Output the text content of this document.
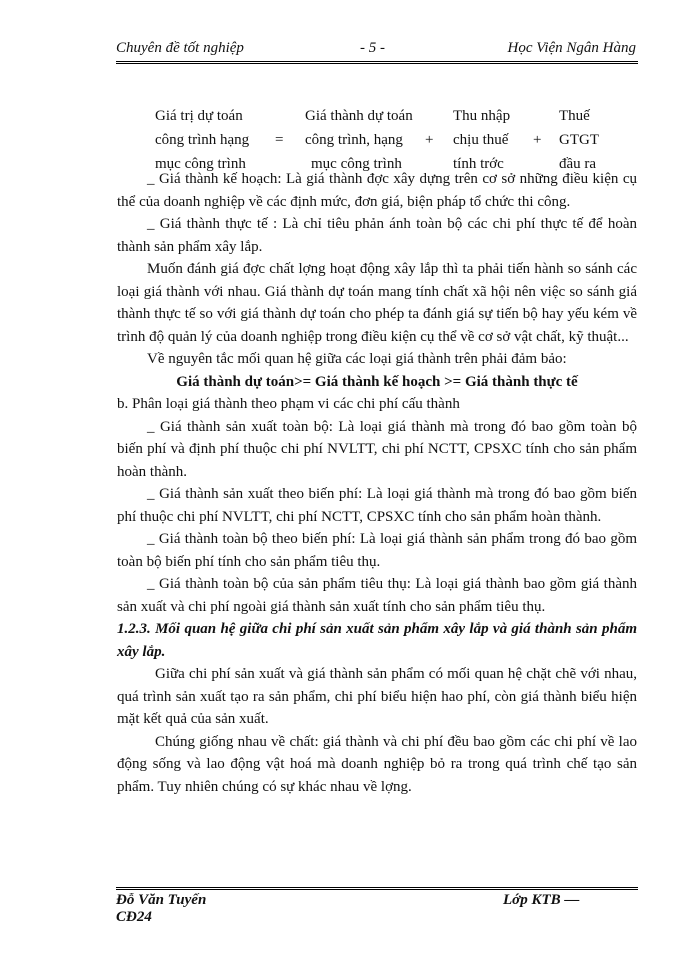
Chuyên đề tốt nghiệp	- 5 -	Học Viện Ngân Hàng
Giá trị dự toán
công trình hạng
mục công trình
=
Giá thành dự toán
công trình, hạng
mục công trình
+
Thu nhập
chịu thuế
tính trớc
+
Thuế
GTGT
đầu ra

_ Giá thành kế hoạch: Là giá thành đợc xây dựng trên cơ sở những điều kiện cụ thể của doanh nghiệp về các định mức, đơn giá, biện pháp tổ chức thi công.

_ Giá thành thực tế : Là chỉ tiêu phản ánh toàn bộ các chi phí thực tế để hoàn thành sản phẩm xây lắp.

Muốn đánh giá đợc chất lợng hoạt động xây lắp thì ta phải tiến hành so sánh các loại giá thành với nhau. Giá thành dự toán mang tính chất xã hội nên việc so sánh giá thành thực tế so với giá thành dự toán cho phép ta đánh giá sự tiến bộ hay yếu kém về trình độ quản lý của doanh nghiệp trong điều kiện cụ thể về cơ sở vật chất, kỹ thuật...

Về nguyên tắc mối quan hệ giữa các loại giá thành trên phải đảm bảo:

Giá thành dự toán>= Giá thành kế hoạch >= Giá thành thực tế

b. Phân loại giá thành theo phạm vi các chi phí cấu thành

_ Giá thành sản xuất toàn bộ: Là loại giá thành mà trong đó bao gồm toàn bộ biến phí và định phí thuộc chi phí NVLTT, chi phí NCTT, CPSXC tính cho sản phẩm hoàn thành.

_ Giá thành sản xuất theo biến phí: Là loại giá thành mà trong đó bao gồm biến phí thuộc chi phí NVLTT, chi phí NCTT, CPSXC tính cho sản phẩm hoàn thành.

_ Giá thành toàn bộ theo biến phí: Là loại giá thành sản phẩm trong đó bao gồm toàn bộ biến phí tính cho sản phẩm tiêu thụ.

_ Giá thành toàn bộ của sản phẩm tiêu thụ: Là loại giá thành bao gồm giá thành sản xuất và chi phí ngoài giá thành sản xuất tính cho sản phẩm tiêu thụ.

1.2.3. Mối quan hệ giữa chi phí sản xuất sản phẩm xây lắp và giá thành sản phẩm xây lắp.

Giữa chi phí sản xuất và giá thành sản phẩm có mối quan hệ chặt chẽ với nhau, quá trình sản xuất tạo ra sản phẩm, chi phí biểu hiện hao phí, còn giá thành biểu hiện mặt kết quả của sản xuất.

Chúng giống nhau về chất: giá thành và chi phí đều bao gồm các chi phí về lao động sống và lao động vật hoá mà doanh nghiệp bỏ ra trong quá trình chế tạo sản phẩm. Tuy nhiên chúng có sự khác nhau về lợng.

Đỗ Văn Tuyến
CĐ24
Lớp KTB —
